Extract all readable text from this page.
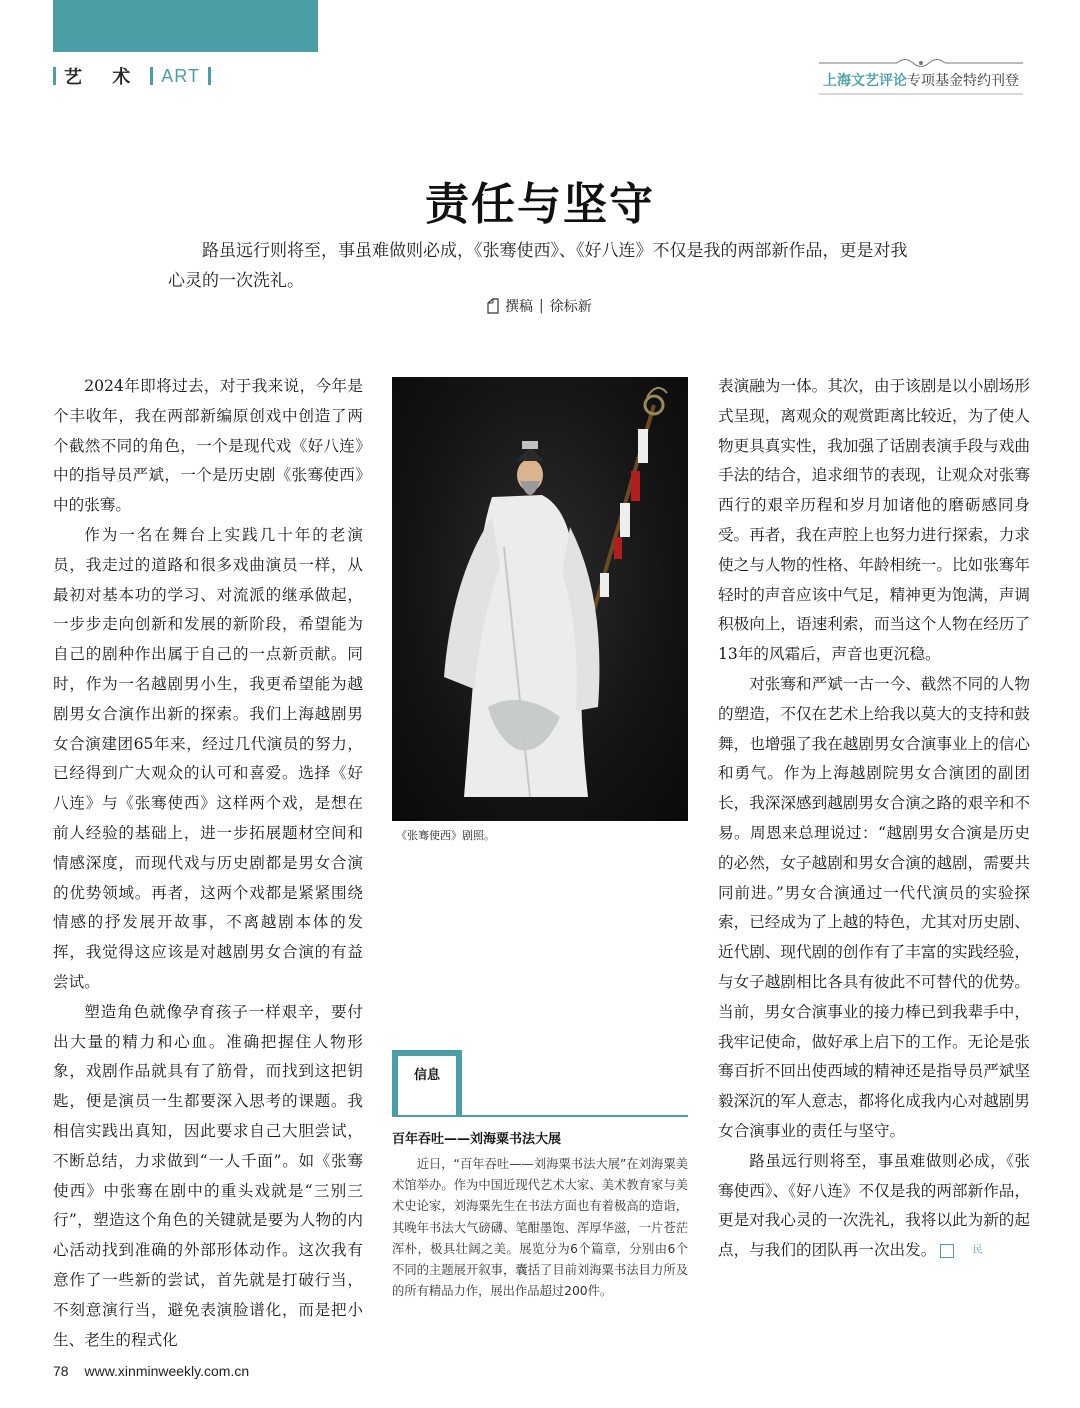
艺 术 ART	上海文艺评论专项基金特约刊登
责任与坚守

路虽远行则将至，事虽难做则必成，《张骞使西》、《好八连》不仅是我的两部新作品，更是对我心灵的一次洗礼。

撰稿 | 徐标新

2024年即将过去，对于我来说，今年是个丰收年，我在两部新编原创戏中创造了两个截然不同的角色，一个是现代戏《好八连》中的指导员严斌，一个是历史剧《张骞使西》中的张骞。

作为一名在舞台上实践几十年的老演员，我走过的道路和很多戏曲演员一样，从最初对基本功的学习、对流派的继承做起，一步步走向创新和发展的新阶段，希望能为自己的剧种作出属于自己的一点新贡献。同时，作为一名越剧男小生，我更希望能为越剧男女合演作出新的探索。我们上海越剧男女合演建团65年来，经过几代演员的努力，已经得到广大观众的认可和喜爱。选择《好八连》与《张骞使西》这样两个戏，是想在前人经验的基础上，进一步拓展题材空间和情感深度，而现代戏与历史剧都是男女合演的优势领域。再者，这两个戏都是紧紧围绕情感的抒发展开故事，不离越剧本体的发挥，我觉得这应该是对越剧男女合演的有益尝试。

塑造角色就像孕育孩子一样艰辛，要付出大量的精力和心血。准确把握住人物形象，戏剧作品就具有了筋骨，而找到这把钥匙，便是演员一生都要深入思考的课题。我相信实践出真知，因此要求自己大胆尝试，不断总结，力求做到“一人千面”。如《张骞使西》中张骞在剧中的重头戏就是“三别三行”，塑造这个角色的关键就是要为人物的内心活动找到准确的外部形体动作。这次我有意作了一些新的尝试，首先就是打破行当，不刻意演行当，避免表演脸谱化，而是把小生、老生的程式化

《张骞使西》剧照。
信息
百年吞吐——刘海粟书法大展

近日，“百年吞吐——刘海粟书法大展”在刘海粟美术馆举办。作为中国近现代艺术大家、美术教育家与美术史论家，刘海粟先生在书法方面也有着极高的造诣，其晚年书法大气磅礴、笔酣墨饱、浑厚华滋，一片苍茫浑朴，极具壮阔之美。展览分为6个篇章，分别由6个不同的主题展开叙事，囊括了目前刘海粟书法目力所及的所有精品力作，展出作品超过200件。

表演融为一体。其次，由于该剧是以小剧场形式呈现，离观众的观赏距离比较近，为了使人物更具真实性，我加强了话剧表演手段与戏曲手法的结合，追求细节的表现，让观众对张骞西行的艰辛历程和岁月加诸他的磨砺感同身受。再者，我在声腔上也努力进行探索，力求使之与人物的性格、年龄相统一。比如张骞年轻时的声音应该中气足，精神更为饱满，声调积极向上，语速利索，而当这个人物在经历了13年的风霜后，声音也更沉稳。

对张骞和严斌一古一今、截然不同的人物的塑造，不仅在艺术上给我以莫大的支持和鼓舞，也增强了我在越剧男女合演事业上的信心和勇气。作为上海越剧院男女合演团的副团长，我深深感到越剧男女合演之路的艰辛和不易。周恩来总理说过：“越剧男女合演是历史的必然，女子越剧和男女合演的越剧，需要共同前进。”男女合演通过一代代演员的实验探索，已经成为了上越的特色，尤其对历史剧、近代剧、现代剧的创作有了丰富的实践经验，与女子越剧相比各具有彼此不可替代的优势。当前，男女合演事业的接力棒已到我辈手中，我牢记使命，做好承上启下的工作。无论是张骞百折不回出使西域的精神还是指导员严斌坚毅深沉的军人意志，都将化成我内心对越剧男女合演事业的责任与坚守。

路虽远行则将至，事虽难做则必成，《张骞使西》、《好八连》不仅是我的两部新作品，更是对我心灵的一次洗礼，我将以此为新的起点，与我们的团队再一次出发。	民

78 www.xinminweekly.com.cn
